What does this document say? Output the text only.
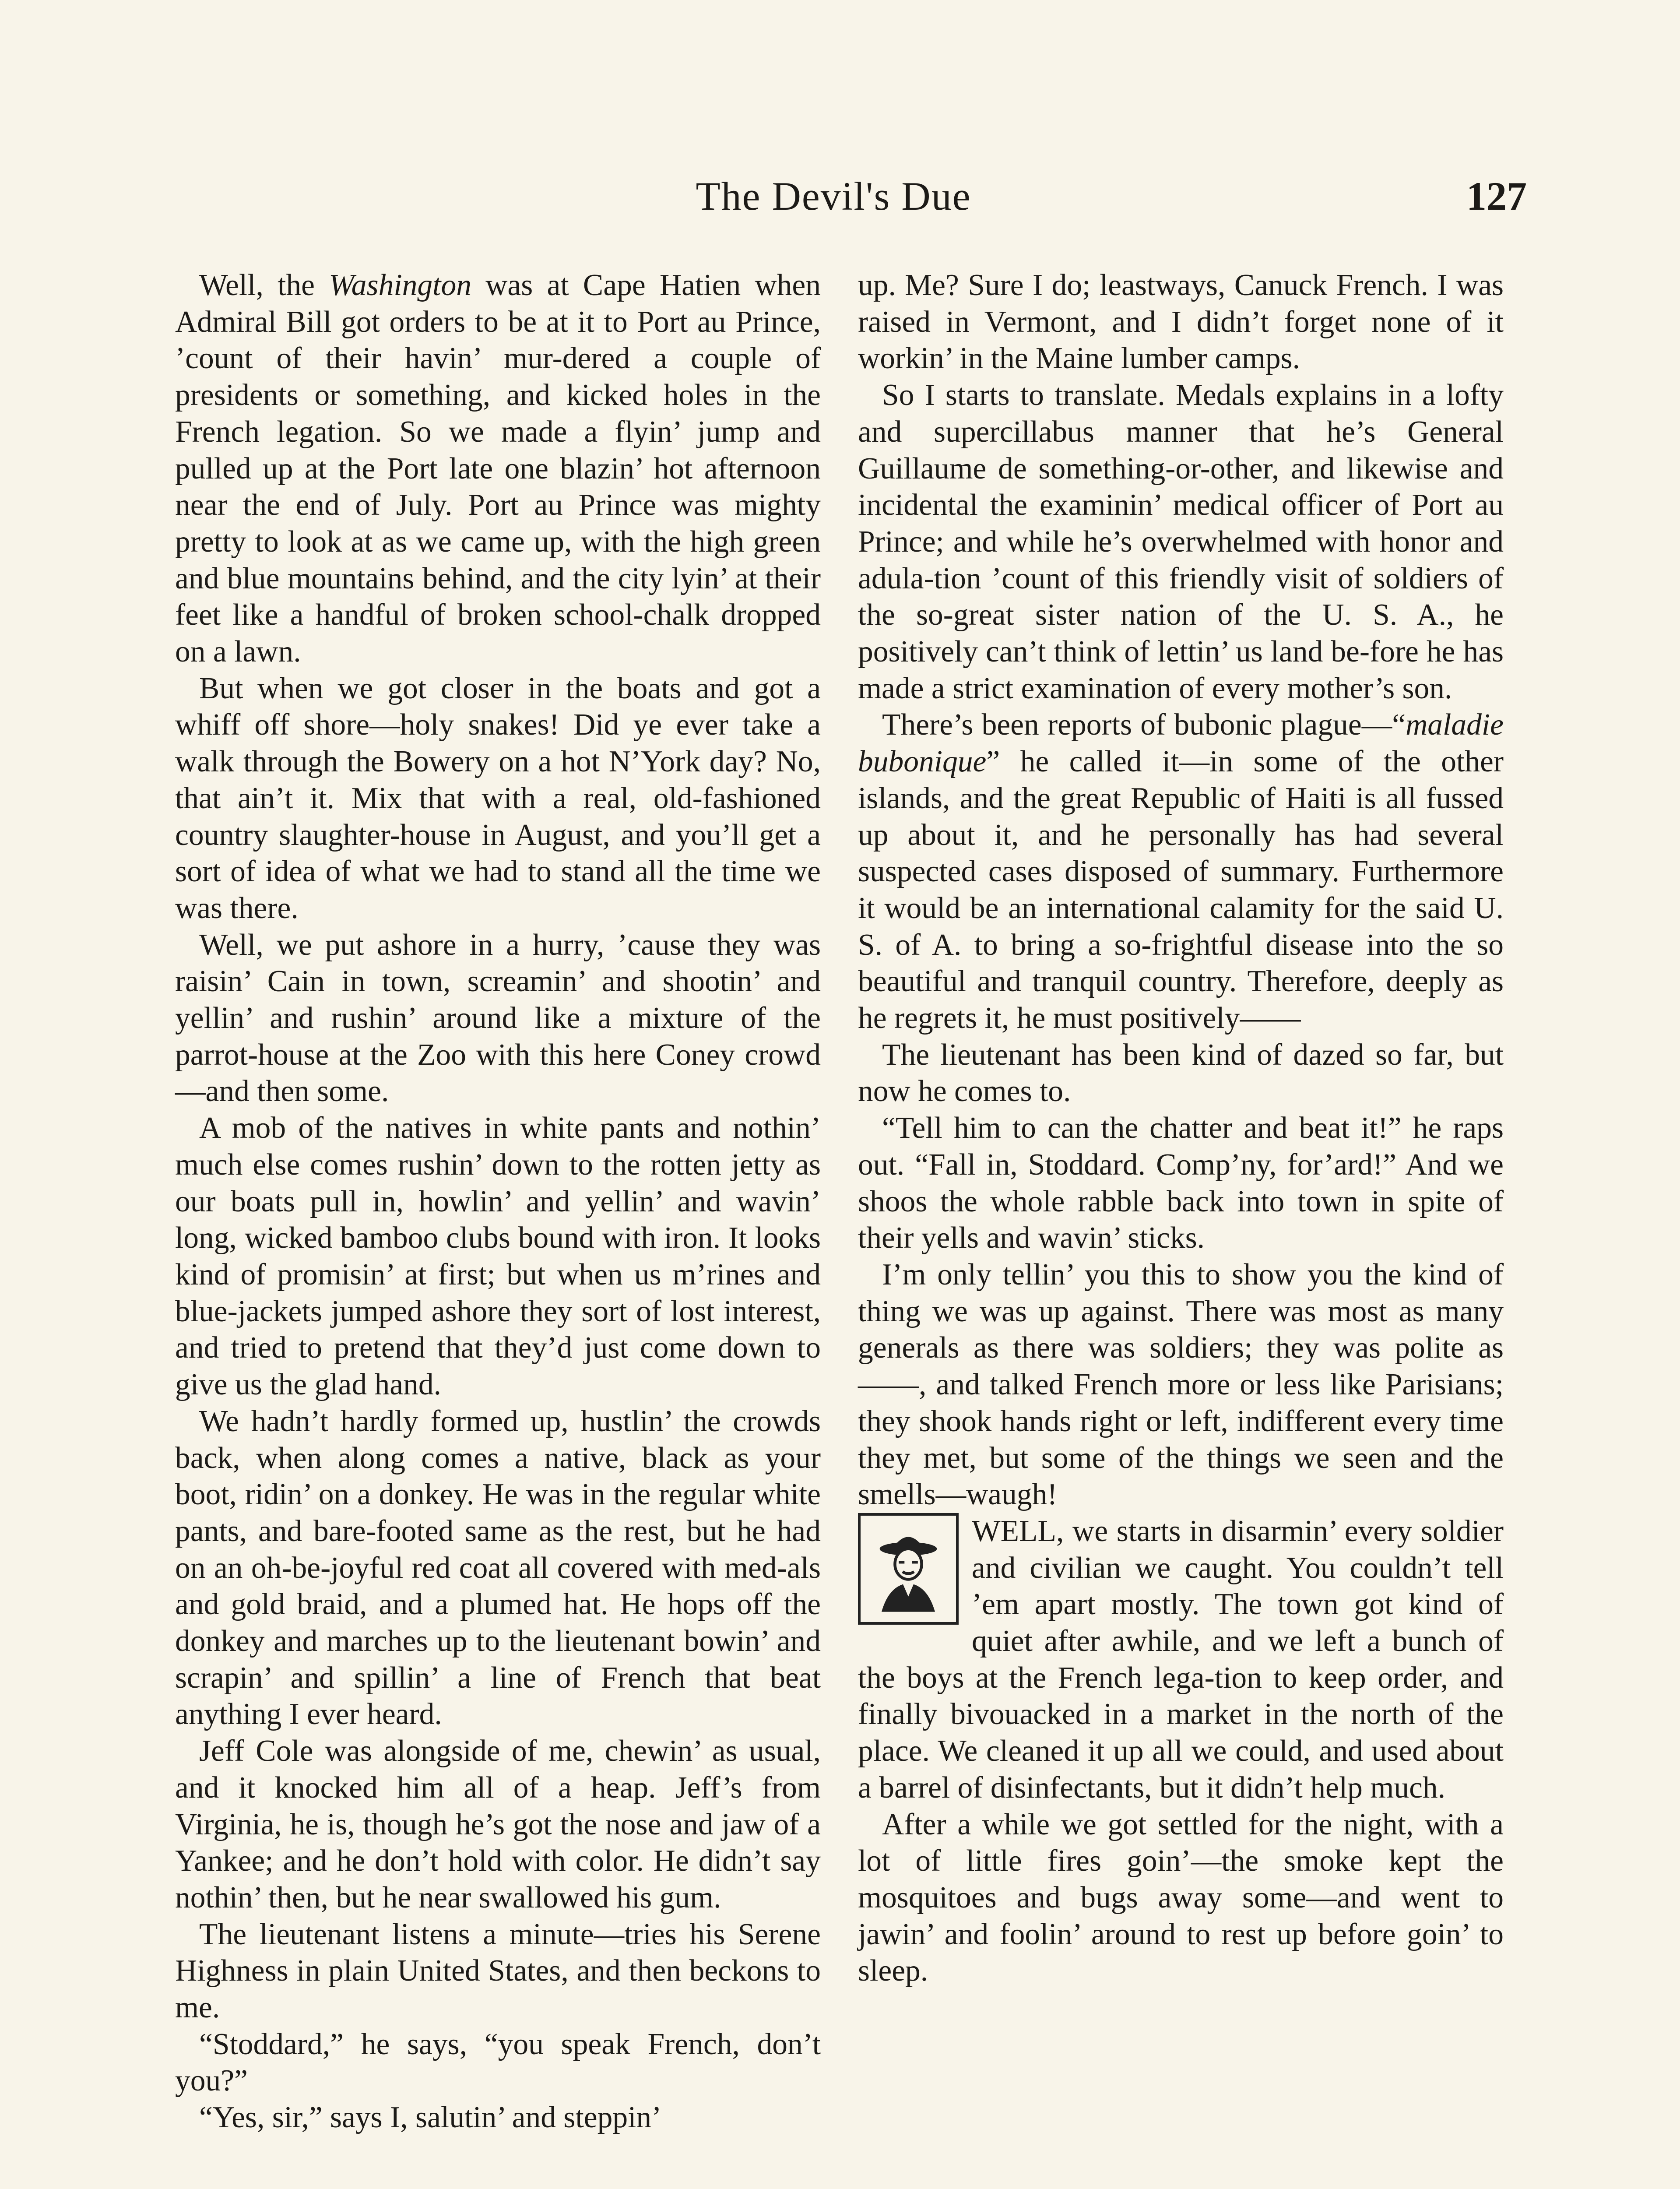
The Devil's Due	127

Well, the Washington was at Cape Hatien when Admiral Bill got orders to be at it to Port au Prince, ’count of their havin’ mur-dered a couple of presidents or something, and kicked holes in the French legation. So we made a flyin’ jump and pulled up at the Port late one blazin’ hot afternoon near the end of July. Port au Prince was mighty pretty to look at as we came up, with the high green and blue mountains behind, and the city lyin’ at their feet like a handful of broken school-chalk dropped on a lawn.

But when we got closer in the boats and got a whiff off shore—holy snakes! Did ye ever take a walk through the Bowery on a hot N’York day? No, that ain’t it. Mix that with a real, old-fashioned country slaughter-house in August, and you’ll get a sort of idea of what we had to stand all the time we was there.

Well, we put ashore in a hurry, ’cause they was raisin’ Cain in town, screamin’ and shootin’ and yellin’ and rushin’ around like a mixture of the parrot-house at the Zoo with this here Coney crowd—and then some.

A mob of the natives in white pants and nothin’ much else comes rushin’ down to the rotten jetty as our boats pull in, howlin’ and yellin’ and wavin’ long, wicked bamboo clubs bound with iron. It looks kind of promisin’ at first; but when us m’rines and blue-jackets jumped ashore they sort of lost interest, and tried to pretend that they’d just come down to give us the glad hand.

We hadn’t hardly formed up, hustlin’ the crowds back, when along comes a native, black as your boot, ridin’ on a donkey. He was in the regular white pants, and bare-footed same as the rest, but he had on an oh-be-joyful red coat all covered with med-als and gold braid, and a plumed hat. He hops off the donkey and marches up to the lieutenant bowin’ and scrapin’ and spillin’ a line of French that beat anything I ever heard.

Jeff Cole was alongside of me, chewin’ as usual, and it knocked him all of a heap. Jeff’s from Virginia, he is, though he’s got the nose and jaw of a Yankee; and he don’t hold with color. He didn’t say nothin’ then, but he near swallowed his gum.

The lieutenant listens a minute—tries his Serene Highness in plain United States, and then beckons to me.

“Stoddard,” he says, “you speak French, don’t you?”

“Yes, sir,” says I, salutin’ and steppin’

up. Me? Sure I do; leastways, Canuck French. I was raised in Vermont, and I didn’t forget none of it workin’ in the Maine lumber camps.

So I starts to translate. Medals explains in a lofty and supercillabus manner that he’s General Guillaume de something-or-other, and likewise and incidental the examinin’ medical officer of Port au Prince; and while he’s overwhelmed with honor and adula-tion ’count of this friendly visit of soldiers of the so-great sister nation of the U. S. A., he positively can’t think of lettin’ us land be-fore he has made a strict examination of every mother’s son.

There’s been reports of bubonic plague—“maladie bubonique” he called it—in some of the other islands, and the great Republic of Haiti is all fussed up about it, and he personally has had several suspected cases disposed of summary. Furthermore it would be an international calamity for the said U. S. of A. to bring a so-frightful disease into the so beautiful and tranquil country. Therefore, deeply as he regrets it, he must positively——

The lieutenant has been kind of dazed so far, but now he comes to.

“Tell him to can the chatter and beat it!” he raps out. “Fall in, Stoddard. Comp’ny, for’ard!” And we shoos the whole rabble back into town in spite of their yells and wavin’ sticks.

I’m only tellin’ you this to show you the kind of thing we was up against. There was most as many generals as there was soldiers; they was polite as ——, and talked French more or less like Parisians; they shook hands right or left, indifferent every time they met, but some of the things we seen and the smells—waugh!

WELL, we starts in disarmin’ every soldier and civilian we caught. You couldn’t tell ’em apart mostly. The town got kind of quiet after awhile, and we left a bunch of the boys at the French lega-tion to keep order, and finally bivouacked in a market in the north of the place. We cleaned it up all we could, and used about a barrel of disinfectants, but it didn’t help much.

After a while we got settled for the night, with a lot of little fires goin’—the smoke kept the mosquitoes and bugs away some—and went to jawin’ and foolin’ around to rest up before goin’ to sleep.
